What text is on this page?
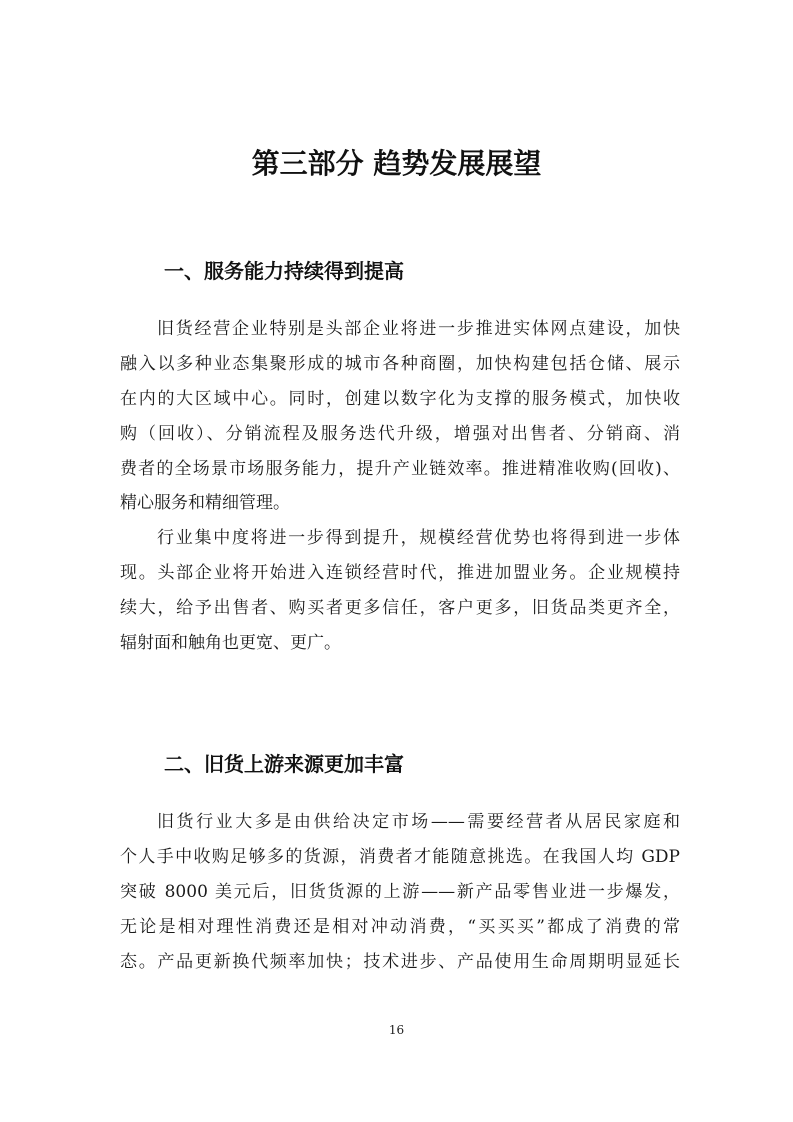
第三部分 趋势发展展望
一、服务能力持续得到提高

旧货经营企业特别是头部企业将进一步推进实体网点建设，加快
融入以多种业态集聚形成的城市各种商圈，加快构建包括仓储、展示
在内的大区域中心。同时，创建以数字化为支撑的服务模式，加快收
购（回收）、分销流程及服务迭代升级，增强对出售者、分销商、消
费者的全场景市场服务能力，提升产业链效率。推进精准收购(回收)、
精心服务和精细管理。

行业集中度将进一步得到提升，规模经营优势也将得到进一步体
现。头部企业将开始进入连锁经营时代，推进加盟业务。企业规模持
续大，给予出售者、购买者更多信任，客户更多，旧货品类更齐全，
辐射面和触角也更宽、更广。

二、旧货上游来源更加丰富

旧货行业大多是由供给决定市场——需要经营者从居民家庭和
个人手中收购足够多的货源，消费者才能随意挑选。在我国人均 GDP
突破 8000 美元后，旧货货源的上游——新产品零售业进一步爆发，
无论是相对理性消费还是相对冲动消费，“买买买”都成了消费的常
态。产品更新换代频率加快；技术进步、产品使用生命周期明显延长

16
